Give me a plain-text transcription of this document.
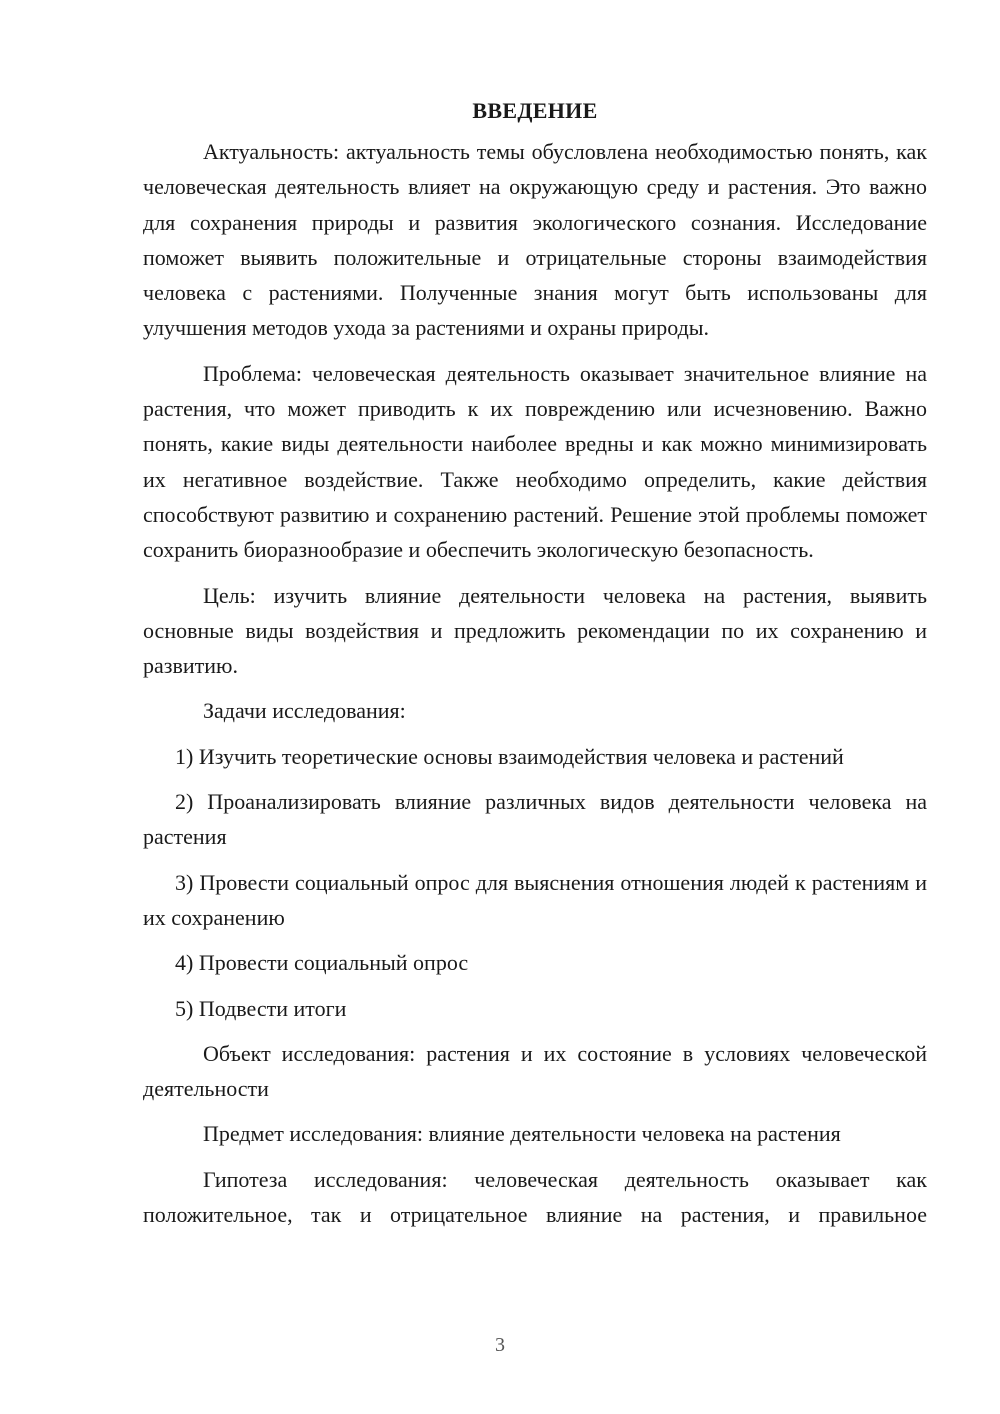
ВВЕДЕНИЕ

Актуальность: актуальность темы обусловлена необходимостью понять, как человеческая деятельность влияет на окружающую среду и растения. Это важно для сохранения природы и развития экологического сознания. Исследование поможет выявить положительные и отрицательные стороны взаимодействия человека с растениями. Полученные знания могут быть использованы для улучшения методов ухода за растениями и охраны природы.

Проблема: человеческая деятельность оказывает значительное влияние на растения, что может приводить к их повреждению или исчезновению. Важно понять, какие виды деятельности наиболее вредны и как можно минимизировать их негативное воздействие. Также необходимо определить, какие действия способствуют развитию и сохранению растений. Решение этой проблемы поможет сохранить биоразнообразие и обеспечить экологическую безопасность.

Цель: изучить влияние деятельности человека на растения, выявить основные виды воздействия и предложить рекомендации по их сохранению и развитию.

Задачи исследования:

1) Изучить теоретические основы взаимодействия человека и растений

2) Проанализировать влияние различных видов деятельности человека на растения

3) Провести социальный опрос для выяснения отношения людей к растениям и их сохранению

4) Провести социальный опрос

5) Подвести итоги

Объект исследования: растения и их состояние в условиях человеческой деятельности

Предмет исследования: влияние деятельности человека на растения

Гипотеза исследования: человеческая деятельность оказывает как положительное, так и отрицательное влияние на растения, и правильное

3
